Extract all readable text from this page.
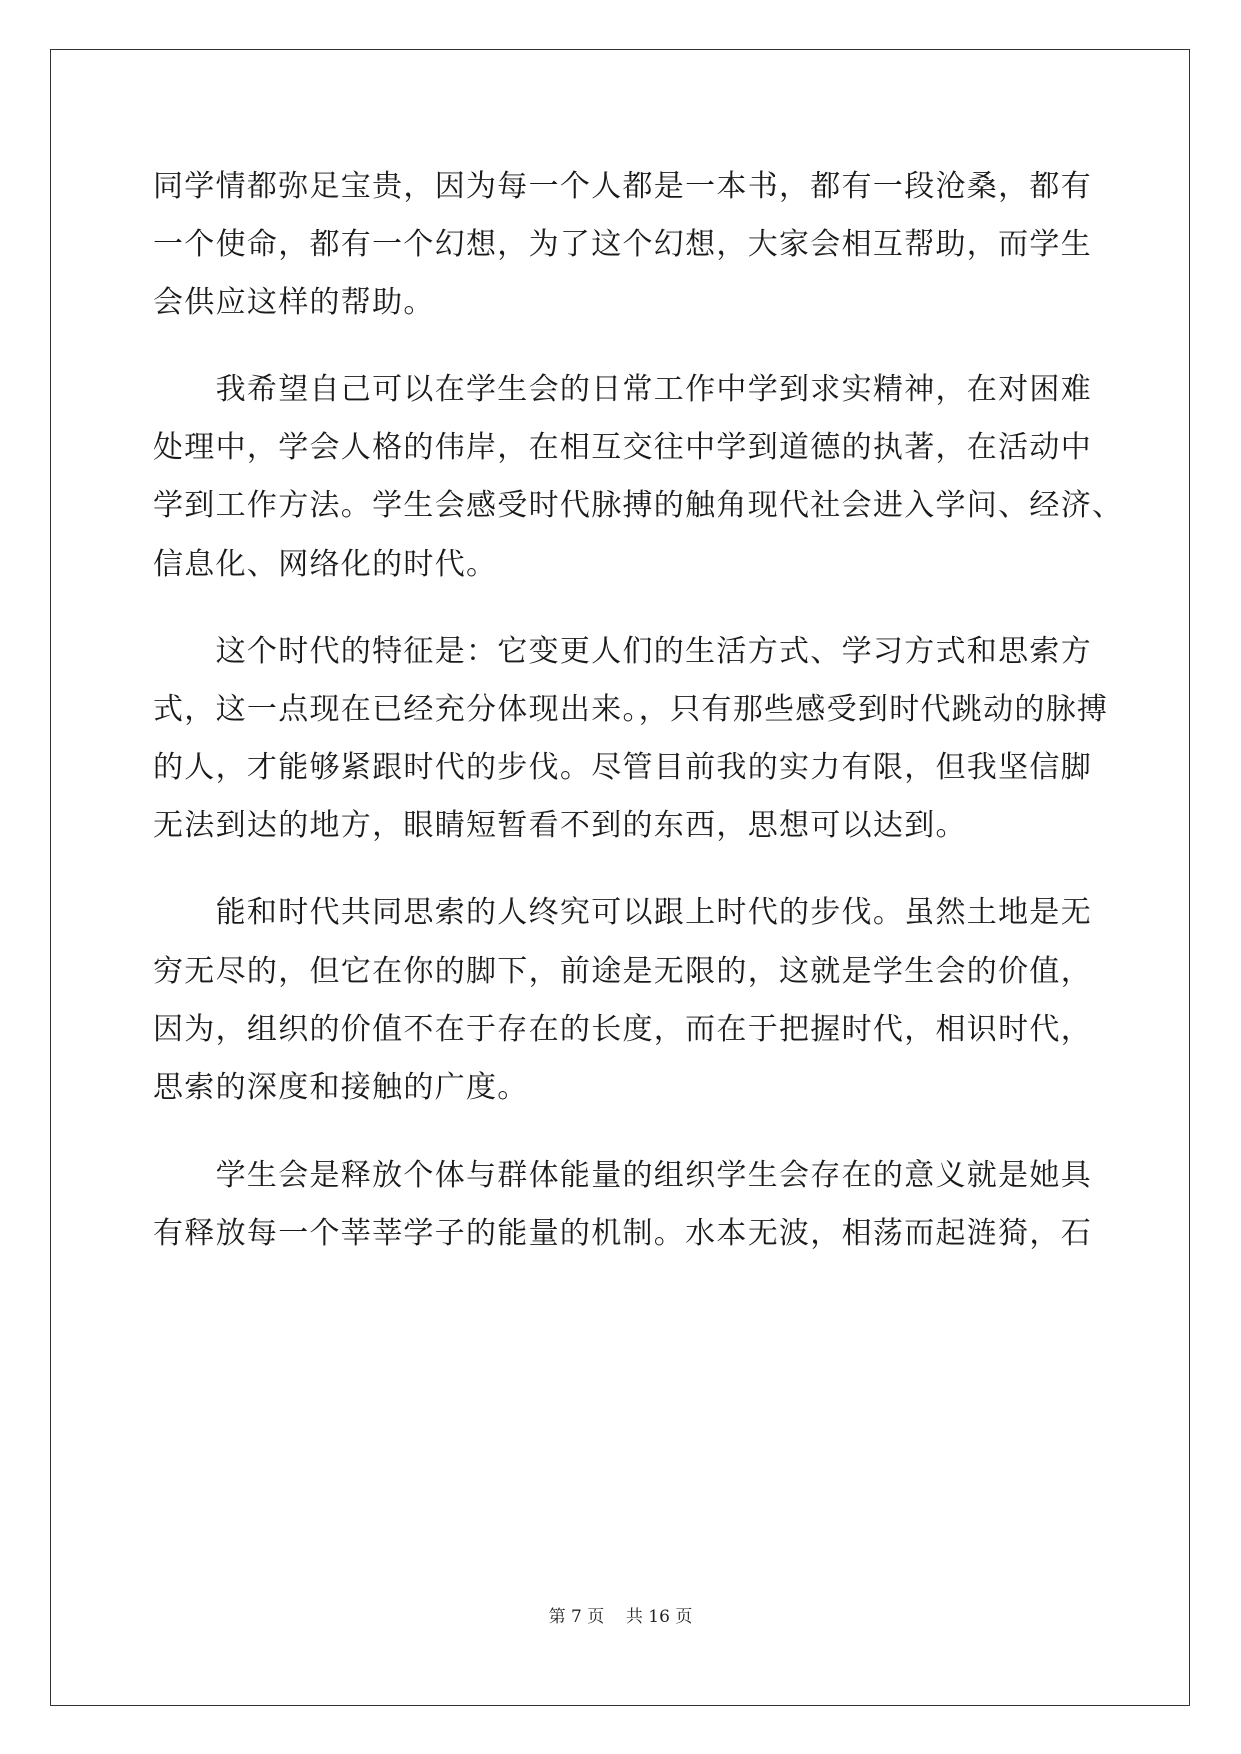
同学情都弥足宝贵，因为每一个人都是一本书，都有一段沧桑，都有
一个使命，都有一个幻想，为了这个幻想，大家会相互帮助，而学生
会供应这样的帮助。
　　我希望自己可以在学生会的日常工作中学到求实精神，在对困难
处理中，学会人格的伟岸，在相互交往中学到道德的执著，在活动中
学到工作方法。学生会感受时代脉搏的触角现代社会进入学问、经济、
信息化、网络化的时代。
　　这个时代的特征是：它变更人们的生活方式、学习方式和思索方
式，这一点现在已经充分体现出来。，只有那些感受到时代跳动的脉搏
的人，才能够紧跟时代的步伐。尽管目前我的实力有限，但我坚信脚
无法到达的地方，眼睛短暂看不到的东西，思想可以达到。
　　能和时代共同思索的人终究可以跟上时代的步伐。虽然土地是无
穷无尽的，但它在你的脚下，前途是无限的，这就是学生会的价值，
因为，组织的价值不在于存在的长度，而在于把握时代，相识时代，
思索的深度和接触的广度。
　　学生会是释放个体与群体能量的组织学生会存在的意义就是她具
有释放每一个莘莘学子的能量的机制。水本无波，相荡而起涟猗，石
第 7 页 共 16 页
